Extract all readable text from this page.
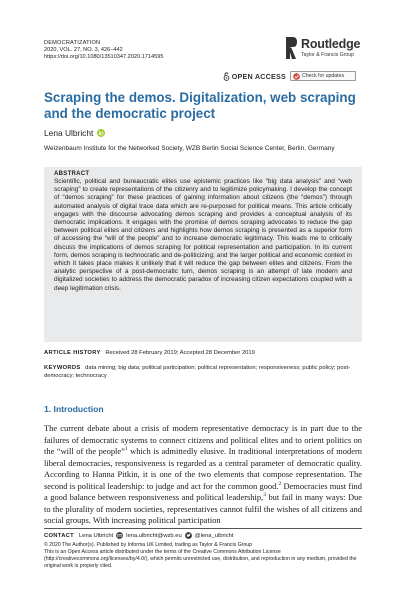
DEMOCRATIZATION
2020, VOL. 27, NO. 3, 426–442
https://doi.org/10.1080/13510347.2020.1714595
Routledge
Taylor & Francis Group
OPEN ACCESS	Check for updates
Scraping the demos. Digitalization, web scraping and the democratic project
Lena Ulbricht
Weizenbaum Institute for the Networked Society, WZB Berlin Social Science Center, Berlin, Germany
ABSTRACT

Scientific, political and bureaucratic elites use epistemic practices like “big data analysis” and “web scraping” to create representations of the citizenry and to legitimize policymaking. I develop the concept of “demos scraping” for these practices of gaining information about citizens (the “demos”) through automated analysis of digital trace data which are re-purposed for political means. This article critically engages with the discourse advocating demos scraping and provides a conceptual analysis of its democratic implications. It engages with the promise of demos scraping advocates to reduce the gap between political elites and citizens and highlights how demos scraping is presented as a superior form of accessing the “will of the people” and to increase democratic legitimacy. This leads me to critically discuss the implications of demos scraping for political representation and participation. In its current form, demos scraping is technocratic and de-politicizing; and the larger political and economic context in which it takes place makes it unlikely that it will reduce the gap between elites and citizens. From the analytic perspective of a post-democratic turn, demos scraping is an attempt of late modern and digitalized societies to address the democratic paradox of increasing citizen expectations coupled with a deep legitimation crisis.

ARTICLE HISTORY Received 28 February 2019; Accepted 28 December 2019
KEYWORDS data mining; big data; political participation; political representation; responsiveness; public policy; post-democracy; technocracy
1. Introduction

The current debate about a crisis of modern representative democracy is in part due to the failures of democratic systems to connect citizens and political elites and to orient politics on the “will of the people”$^1$ which is admittedly elusive. In traditional interpretations of modern liberal democracies, responsiveness is regarded as a central parameter of democratic quality. According to Hanna Pitkin, it is one of the two elements that compose representation. The second is political leadership: to judge and act for the common good.$^2$ Democracies must find a good balance between responsiveness and political leadership,$^3$ but fail in many ways: Due to the plurality of modern societies, representatives cannot fulfil the wishes of all citizens and social groups. With increasing political participation

CONTACT Lena Ulbricht lena.ulbricht@wzb.eu @lena_ulbricht
© 2020 The Author(s). Published by Informa UK Limited, trading as Taylor & Francis Group
This is an Open Access article distributed under the terms of the Creative Commons Attribution License (http://creativecommons.org/licenses/by/4.0/), which permits unrestricted use, distribution, and reproduction in any medium, provided the original work is properly cited.
